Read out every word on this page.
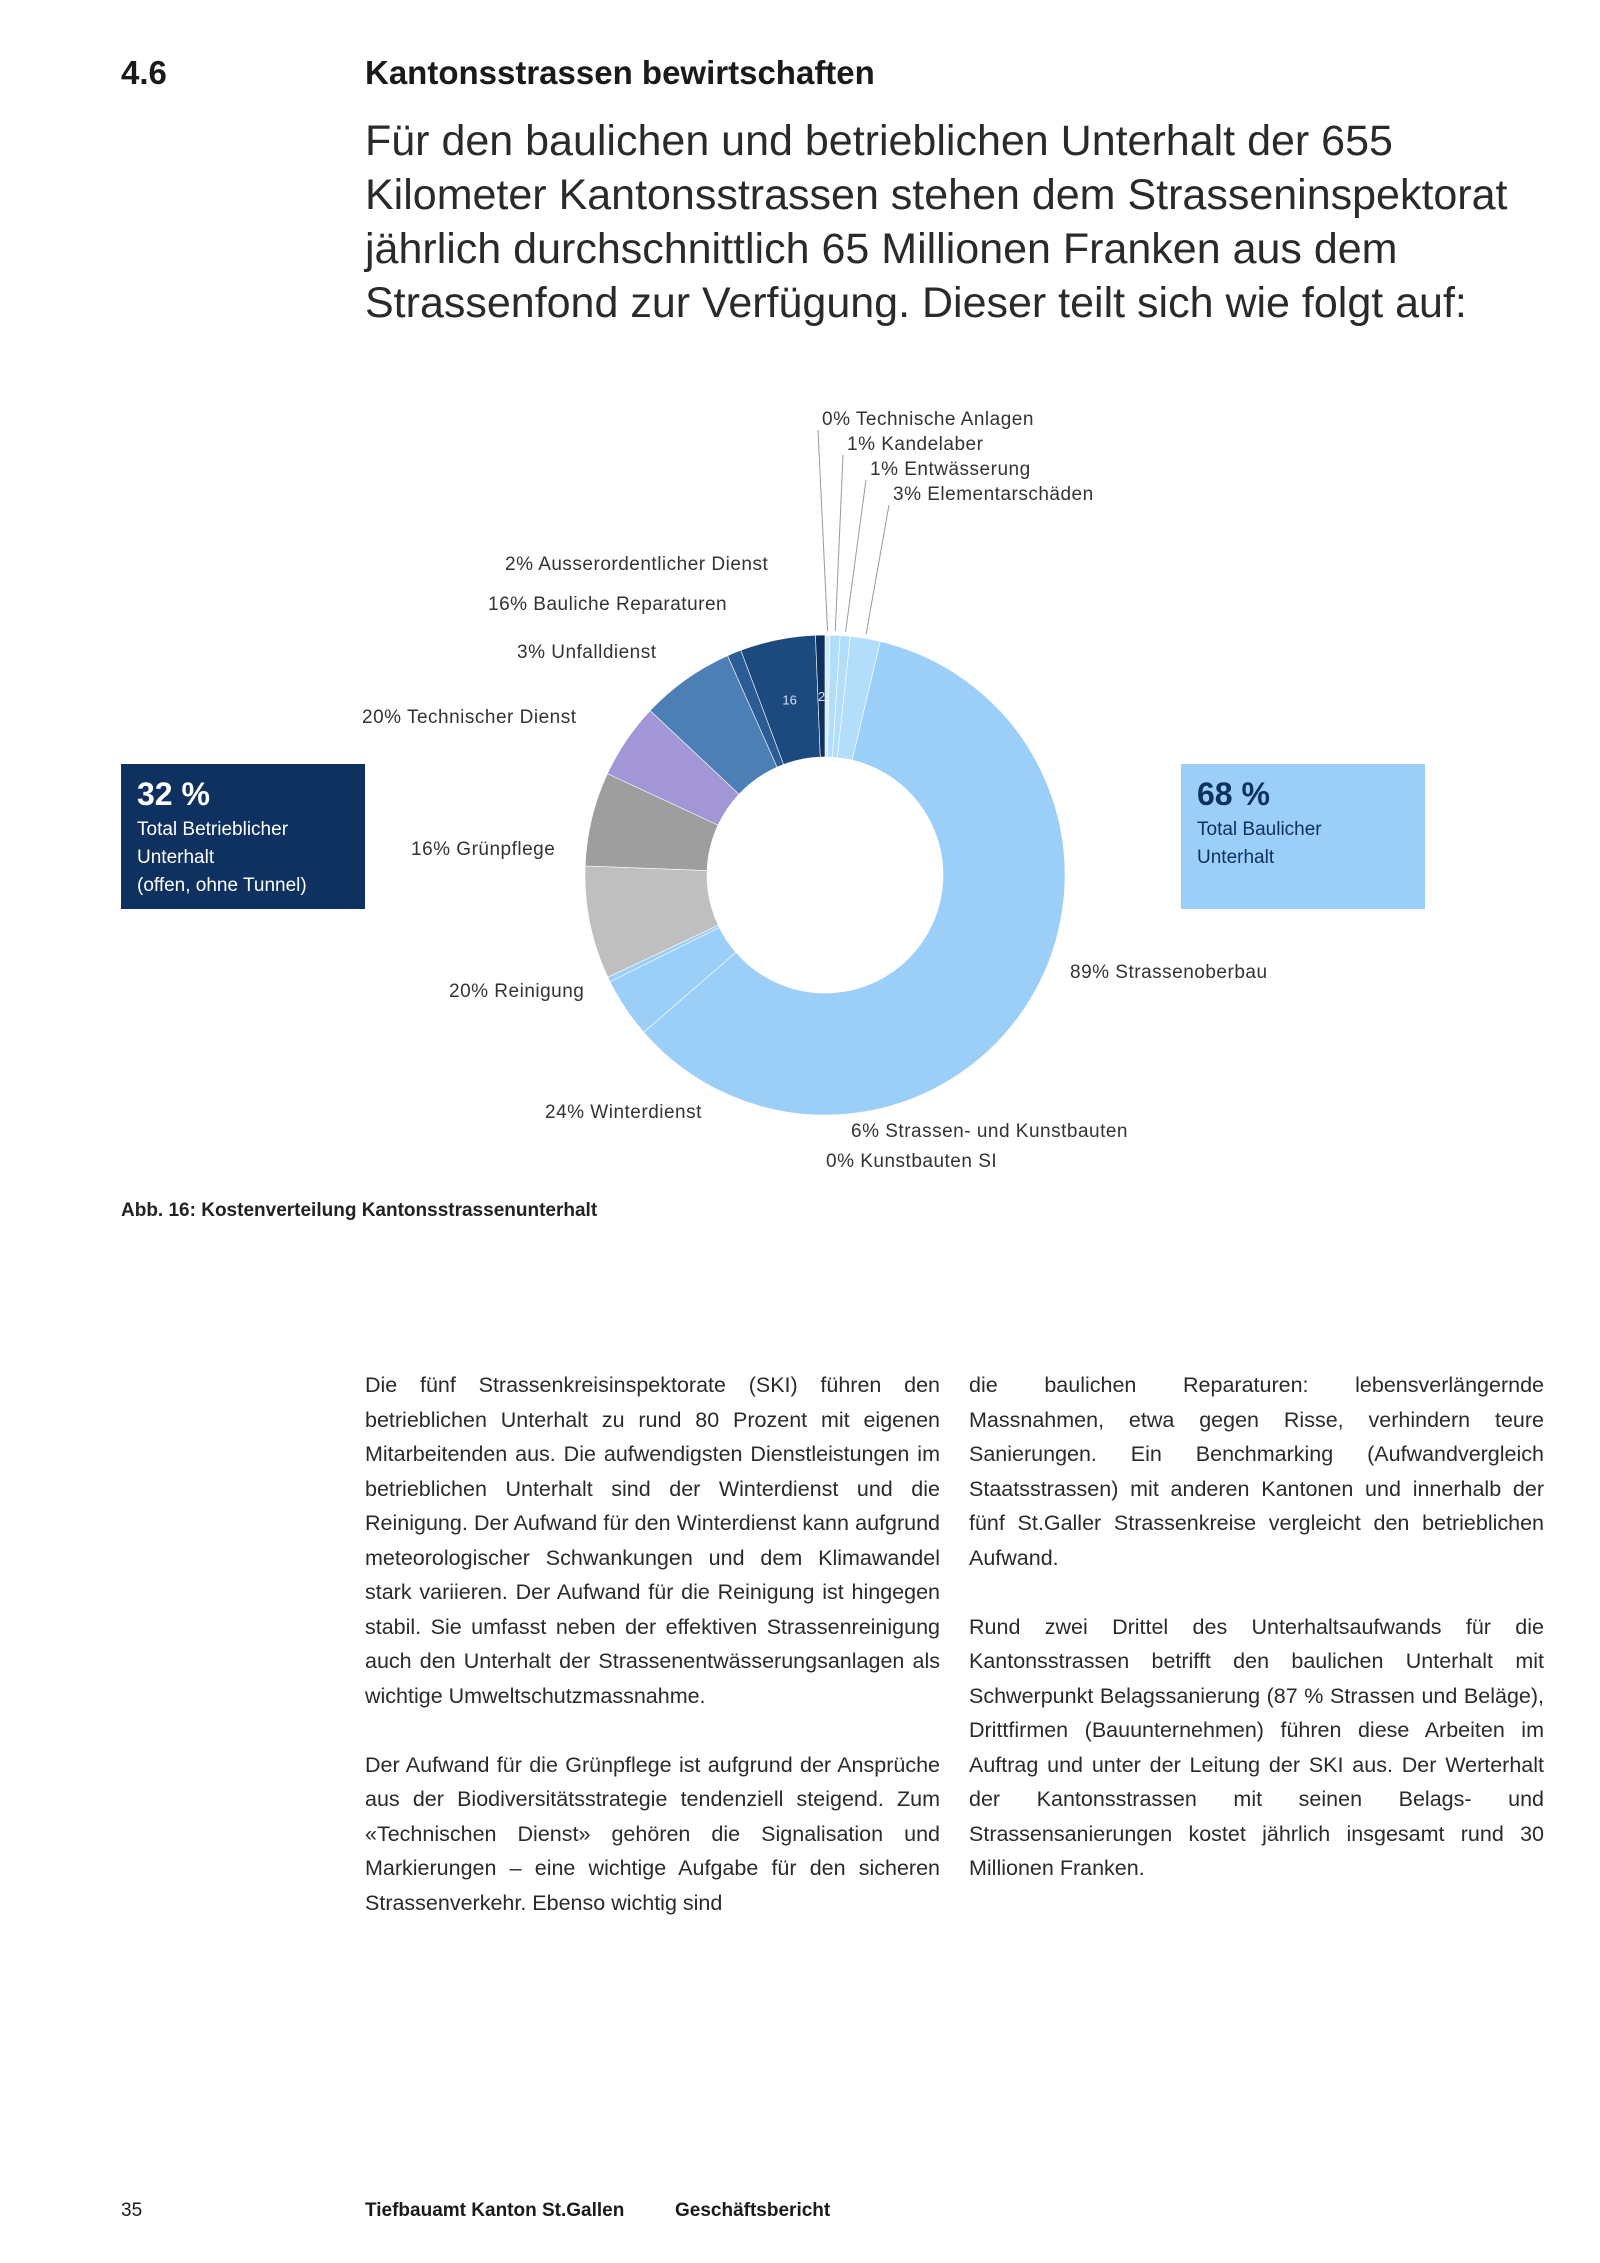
4.6	Kantonsstrassen bewirtschaften
Für den baulichen und betrieblichen Unterhalt der 655 Kilometer Kantonsstrassen stehen dem Strasseninspektorat jährlich durchschnittlich 65 Millionen Franken aus dem Strassenfond zur Verfügung. Dieser teilt sich wie folgt auf:
0% Technische Anlagen
1% Kandelaber
1% Entwässerung
3% Elementarschäden
89% Strassenoberbau
6% Strassen- und Kunstbauten
0% Kunstbauten SI
24% Winterdienst
20% Reinigung
16% Grünpflege
20% Technischer Dienst
3% Unfalldienst
16
16% Bauliche Reparaturen
2
2% Ausserordentlicher Dienst
32 %
Total Betrieblicher
Unterhalt
(offen, ohne Tunnel)
68 %
Total Baulicher
Unterhalt
Abb. 16: Kostenverteilung Kantonsstrassenunterhalt

Die fünf Strassenkreisinspektorate (SKI) führen den betrieblichen Unterhalt zu rund 80 Prozent mit eigenen Mitarbeitenden aus. Die aufwendigsten Dienstleistungen im betrieblichen Unterhalt sind der Winterdienst und die Reinigung. Der Aufwand für den Winterdienst kann aufgrund meteorologischer Schwankungen und dem Klimawandel stark variieren. Der Aufwand für die Reinigung ist hingegen stabil. Sie umfasst neben der effektiven Strassenreinigung auch den Unterhalt der Strassenentwässerungsanlagen als wichtige Umweltschutzmassnahme.

Der Aufwand für die Grünpflege ist aufgrund der Ansprüche aus der Biodiversitätsstrategie tendenziell steigend. Zum «Technischen Dienst» gehören die Signalisation und Markierungen – eine wichtige Aufgabe für den sicheren Strassenverkehr. Ebenso wichtig sind

die baulichen Reparaturen: lebensverlängernde Massnahmen, etwa gegen Risse, verhindern teure Sanierungen. Ein Benchmarking (Aufwandvergleich Staatsstrassen) mit anderen Kantonen und innerhalb der fünf St.Galler Strassenkreise vergleicht den betrieblichen Aufwand.

Rund zwei Drittel des Unterhaltsaufwands für die Kantonsstrassen betrifft den baulichen Unterhalt mit Schwerpunkt Belagssanierung (87 % Strassen und Beläge), Drittfirmen (Bauunternehmen) führen diese Arbeiten im Auftrag und unter der Leitung der SKI aus. Der Werterhalt der Kantonsstrassen mit seinen Belags- und Strassensanierungen kostet jährlich insgesamt rund 30 Millionen Franken.

35	Tiefbauamt Kanton St.Gallen	Geschäftsbericht
